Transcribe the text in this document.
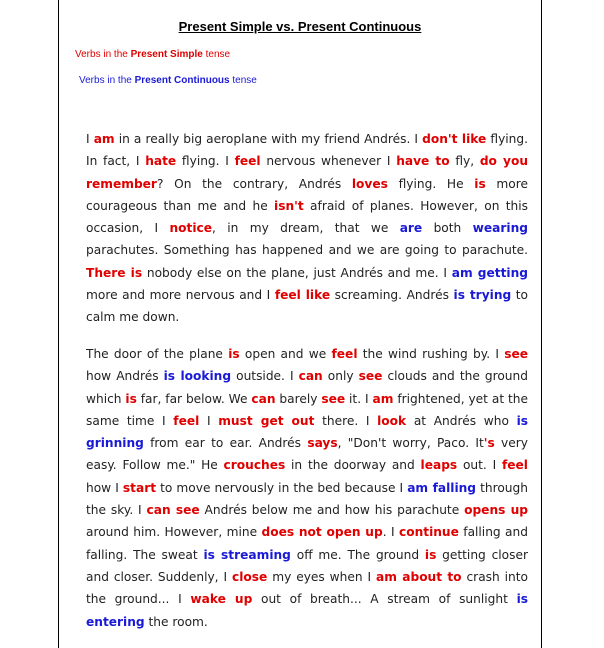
Present Simple vs. Present Continuous
Verbs in the Present Simple tense
Verbs in the Present Continuous tense

I am in a really big aeroplane with my friend Andrés. I don't like flying. In fact, I hate flying. I feel nervous whenever I have to fly, do you remember? On the contrary, Andrés loves flying. He is more courageous than me and he isn't afraid of planes. However, on this occasion, I notice, in my dream, that we are both wearing parachutes. Something has happened and we are going to parachute. There is nobody else on the plane, just Andrés and me. I am getting more and more nervous and I feel like screaming. Andrés is trying to calm me down.

The door of the plane is open and we feel the wind rushing by. I see how Andrés is looking outside. I can only see clouds and the ground which is far, far below. We can barely see it. I am frightened, yet at the same time I feel I must get out there. I look at Andrés who is grinning from ear to ear. Andrés says, "Don't worry, Paco. It's very easy. Follow me." He crouches in the doorway and leaps out. I feel how I start to move nervously in the bed because I am falling through the sky. I can see Andrés below me and how his parachute opens up around him. However, mine does not open up. I continue falling and falling. The sweat is streaming off me. The ground is getting closer and closer. Suddenly, I close my eyes when I am about to crash into the ground... I wake up out of breath... A stream of sunlight is entering the room.
